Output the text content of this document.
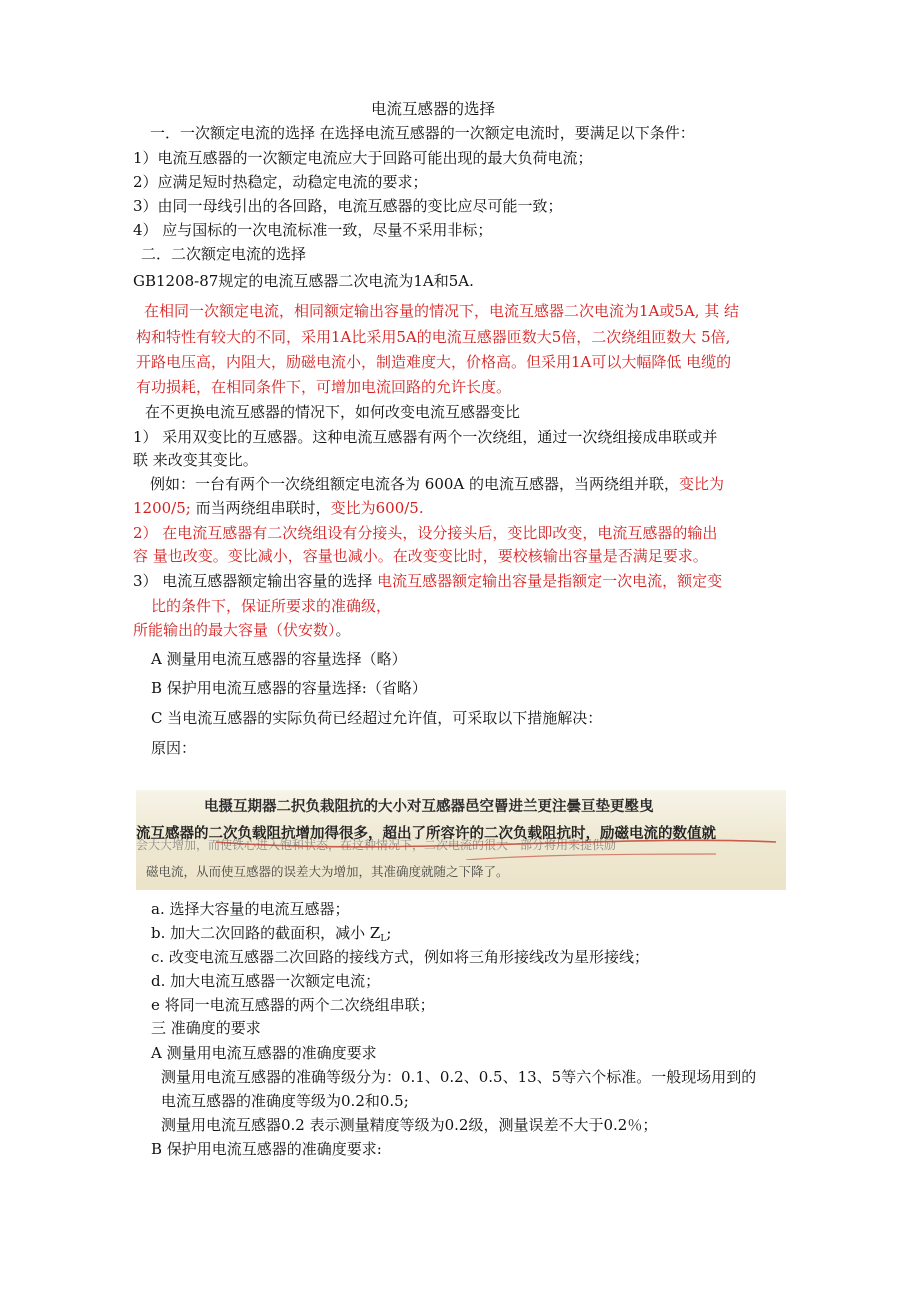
电流互感器的选择
一．一次额定电流的选择 在选择电流互感器的一次额定电流时，要满足以下条件：
1）电流互感器的一次额定电流应大于回路可能出现的最大负荷电流；
2）应满足短时热稳定，动稳定电流的要求；
3）由同一母线引出的各回路，电流互感器的变比应尽可能一致；
4） 应与国标的一次电流标准一致，尽量不采用非标；
二．二次额定电流的选择
GB1208-87规定的电流互感器二次电流为1A和5A.
在相同一次额定电流，相同额定输出容量的情况下，电流互感器二次电流为1A或5A, 其 结
构和特性有较大的不同，采用1A比采用5A的电流互感器匝数大5倍，二次绕组匝数大 5倍,
开路电压高，内阻大，励磁电流小，制造难度大，价格高。但采用1A可以大幅降低 电缆的
有功损耗，在相同条件下，可增加电流回路的允许长度。
在不更换电流互感器的情况下，如何改变电流互感器变比
1） 采用双变比的互感器。这种电流互感器有两个一次绕组，通过一次绕组接成串联或并
联 来改变其变比。
例如：一台有两个一次绕组额定电流各为 600A 的电流互感器，当两绕组并联，变比为
1200/5; 而当两绕组串联时，变比为600/5.
2） 在电流互感器有二次绕组设有分接头，设分接头后，变比即改变，电流互感器的输出
容 量也改变。变比减小，容量也减小。在改变变比时，要校核输出容量是否满足要求。
3） 电流互感器额定输出容量的选择 电流互感器额定输出容量是指额定一次电流，额定变
比的条件下，保证所要求的准确级，
所能输出的最大容量（伏安数）。
A 测量用电流互感器的容量选择（略）
B 保护用电流互感器的容量选择:（省略）
C 当电流互感器的实际负荷已经超过允许值，可采取以下措施解决：
原因：
电摄互期器二択负栽阻抗的大小对互感器邑空罾进兰更注曇亘垫更壂曳
流互感器的二次负载阻抗增加得很多，超出了所容许的二次负载阻抗时，励磁电流的数值就
会大大增加，而使铁心进入饱和状态，在这种情况下，二次电流的很大一部分将用来提供励
磁电流，从而使互感器的误差大为增加，其准确度就随之下降了。
a. 选择大容量的电流互感器；
b. 加大二次回路的截面积，减小 $Z_L$;
c. 改变电流互感器二次回路的接线方式，例如将三角形接线改为星形接线；
d. 加大电流互感器一次额定电流；
e 将同一电流互感器的两个二次绕组串联；
三 准确度的要求
A 测量用电流互感器的准确度要求
测量用电流互感器的准确等级分为：0.1、0.2、0.5、13、5等六个标准。一般现场用到的
电流互感器的准确度等级为0.2和0.5;
测量用电流互感器0.2 表示测量精度等级为0.2级，测量误差不大于0.2％；
B 保护用电流互感器的准确度要求:
